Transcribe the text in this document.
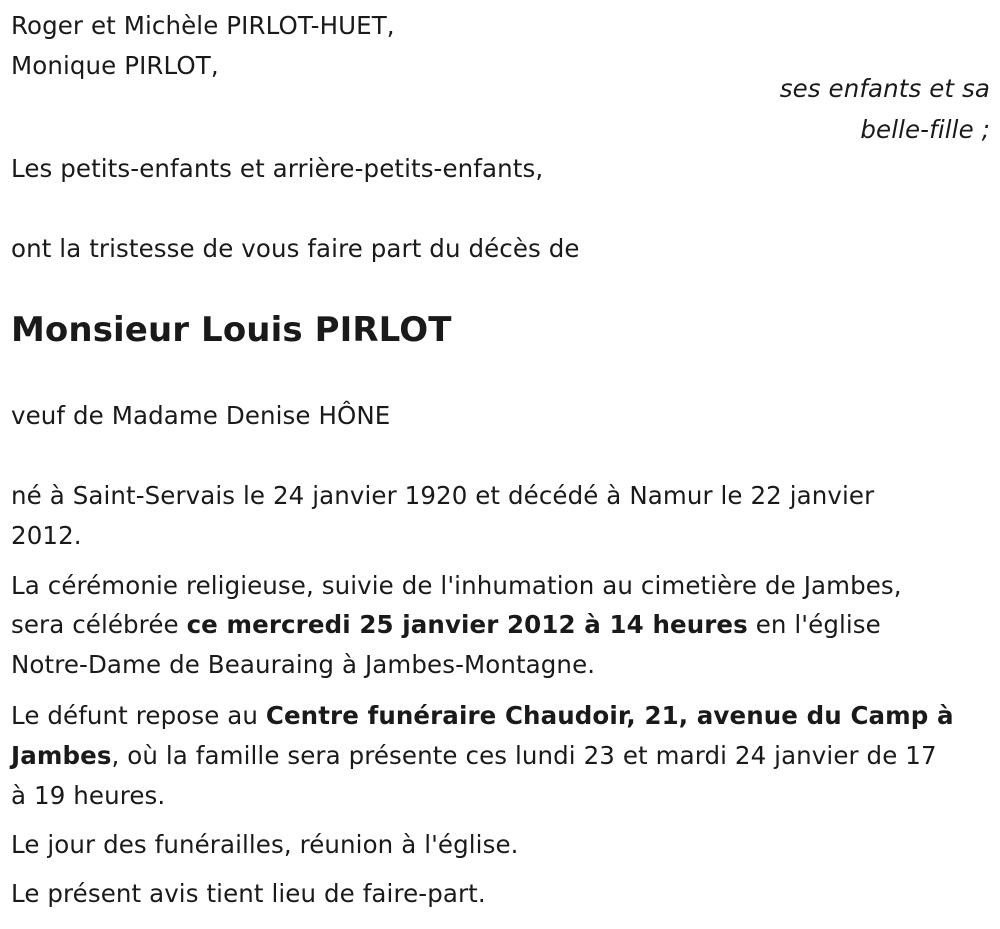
Roger et Michèle PIRLOT-HUET,
Monique PIRLOT,
ses enfants et sa
belle-fille ;
Les petits-enfants et arrière-petits-enfants,
ont la tristesse de vous faire part du décès de
Monsieur Louis PIRLOT
veuf de Madame Denise HÔNE
né à Saint-Servais le 24 janvier 1920 et décédé à Namur le 22 janvier
2012.
La cérémonie religieuse, suivie de l'inhumation au cimetière de Jambes,
sera célébrée ce mercredi 25 janvier 2012 à 14 heures en l'église
Notre-Dame de Beauraing à Jambes-Montagne.
Le défunt repose au Centre funéraire Chaudoir, 21, avenue du Camp à
Jambes, où la famille sera présente ces lundi 23 et mardi 24 janvier de 17
à 19 heures.
Le jour des funérailles, réunion à l'église.
Le présent avis tient lieu de faire-part.
